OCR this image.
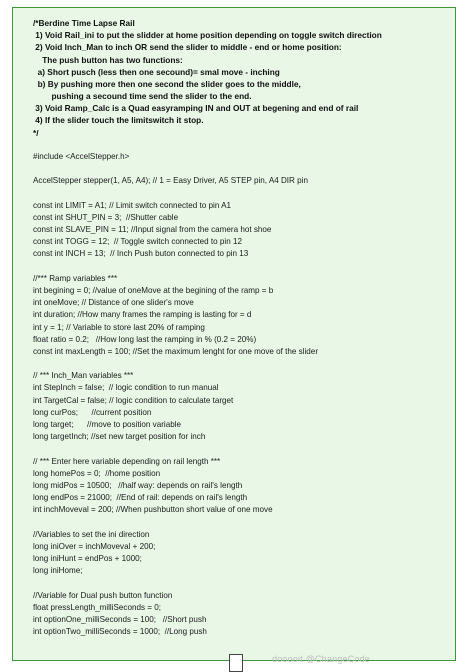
/*Berdine Time Lapse Rail
1) Void Rail_ini to put the slidder at home position depending on toggle switch direction
2) Void Inch_Man to inch OR send the slider to middle - end or home position:
The push button has two functions:
a) Short pusch (less then one secound)= smal move - inching
b) By pushing more then one second the slider goes to the middle,
pushing a secound time send the slider to the end.
3) Void Ramp_Calc is a Quad easyramping IN and OUT at begening and end of rail
4) If the slider touch the limitswitch it stop.
*/
#include <AccelStepper.h>
AccelStepper stepper(1, A5, A4); // 1 = Easy Driver, A5 STEP pin, A4 DIR pin
const int LIMIT = A1; // Limit switch connected to pin A1
const int SHUT_PIN = 3;  //Shutter cable
const int SLAVE_PIN = 11; //Input signal from the camera hot shoe
const int TOGG = 12;  // Toggle switch connected to pin 12
const int INCH = 13;  // Inch Push buton connected to pin 13
//*** Ramp variables ***
int begining = 0; //value of oneMove at the begining of the ramp = b
int oneMove; // Distance of one slider's move
int duration; //How many frames the ramping is lasting for = d
int y = 1; // Variable to store last 20% of ramping
float ratio = 0.2;   //How long last the ramping in % (0.2 = 20%)
const int maxLength = 100; //Set the maximum lenght for one move of the slider
// *** Inch_Man variables ***
int StepInch = false;  // logic condition to run manual
int TargetCal = false; // logic condition to calculate target
long curPos;      //current position
long target;      //move to position variable
long targetInch; //set new target position for inch
// *** Enter here variable depending on rail length ***
long homePos = 0;  //home position
long midPos = 10500;   //half way: depends on rail's length
long endPos = 21000;  //End of rail: depends on rail's length
int inchMoveval = 200; //When pushbutton short value of one move
//Variables to set the ini direction
long iniOver = inchMoveval + 200;
long iniHunt = endPos + 1000;
long iniHome;
//Variable for Dual push button function
float pressLength_milliSeconds = 0;
int optionOne_milliSeconds = 100;   //Short push
int optionTwo_milliSeconds = 1000;  //Long push
dooooit @ChangeCode
